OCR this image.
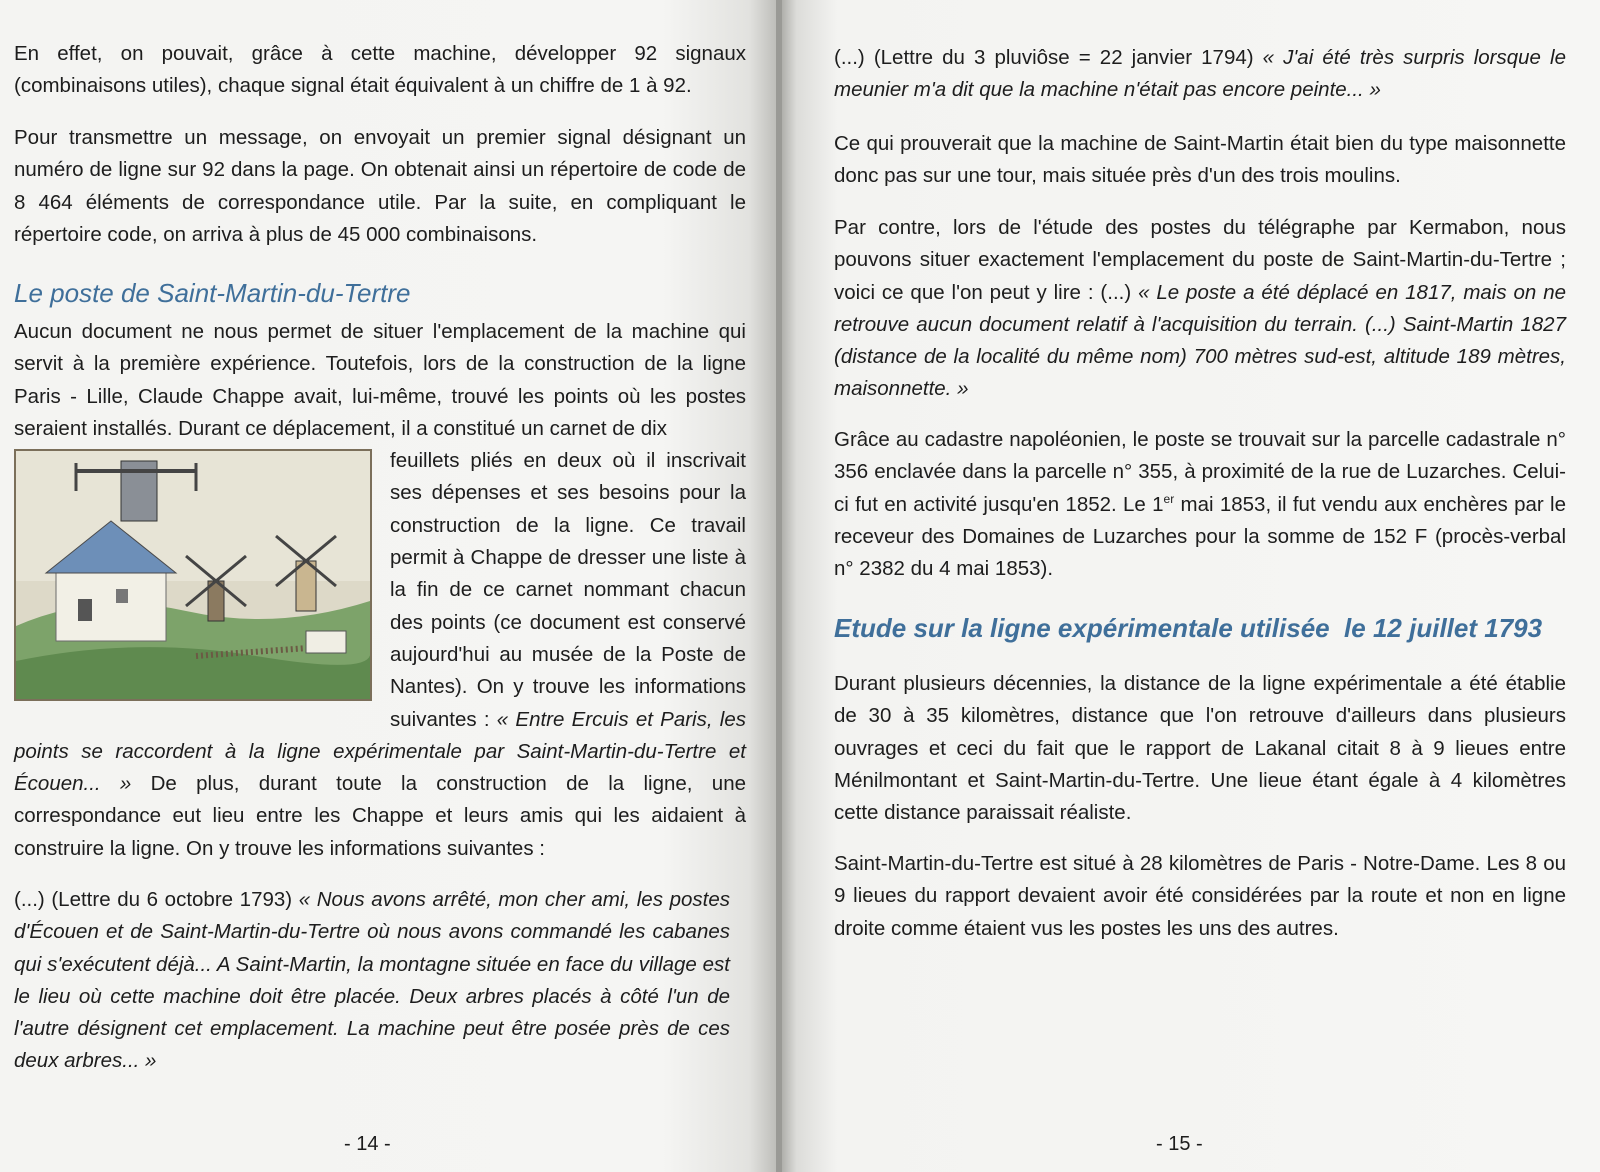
En effet, on pouvait, grâce à cette machine, développer 92 signaux (combinaisons utiles), chaque signal était équivalent à un chiffre de 1 à 92.

Pour transmettre un message, on envoyait un premier signal désignant un numéro de ligne sur 92 dans la page. On obtenait ainsi un répertoire de code de 8 464 éléments de correspondance utile. Par la suite, en compliquant le répertoire code, on arriva à plus de 45 000 combinaisons.

Le poste de Saint-Martin-du-Tertre

Aucun document ne nous permet de situer l'emplacement de la machine qui servit à la première expérience. Toutefois, lors de la construction de la ligne Paris - Lille, Claude Chappe avait, lui-même, trouvé les points où les postes seraient installés. Durant ce déplacement, il a constitué un carnet de dix

feuillets pliés en deux où il inscrivait ses dépenses et ses besoins pour la construction de la ligne. Ce travail permit à Chappe de dresser une liste à la fin de ce carnet nommant chacun des points (ce document est conservé aujourd'hui au musée de la Poste de Nantes). On y trouve les informations suivantes : « Entre Ercuis et Paris, les points se raccordent à la ligne expérimentale par Saint-Martin-du-Tertre et Écouen... » De plus, durant toute la construction de la ligne, une correspondance eut lieu entre les Chappe et leurs amis qui les aidaient à construire la ligne. On y trouve les informations suivantes :

(...) (Lettre du 6 octobre 1793) « Nous avons arrêté, mon cher ami, les postes d'Écouen et de Saint-Martin-du-Tertre où nous avons commandé les cabanes qui s'exécutent déjà... A Saint-Martin, la montagne située en face du village est le lieu où cette machine doit être placée. Deux arbres placés à côté l'un de l'autre désignent cet emplacement. La machine peut être posée près de ces deux arbres... »

- 14 -

(...) (Lettre du 3 pluviôse = 22 janvier 1794) « J'ai été très surpris lorsque le meunier m'a dit que la machine n'était pas encore peinte... »

Ce qui prouverait que la machine de Saint-Martin était bien du type maisonnette donc pas sur une tour, mais située près d'un des trois moulins.

Par contre, lors de l'étude des postes du télégraphe par Kermabon, nous pouvons situer exactement l'emplacement du poste de Saint-Martin-du-Tertre ; voici ce que l'on peut y lire : (...) « Le poste a été déplacé en 1817, mais on ne retrouve aucun document relatif à l'acquisition du terrain. (...) Saint-Martin 1827 (distance de la localité du même nom) 700 mètres sud-est, altitude 189 mètres, maisonnette. »

Grâce au cadastre napoléonien, le poste se trouvait sur la parcelle cadastrale n° 356 enclavée dans la parcelle n° 355, à proximité de la rue de Luzarches. Celui-ci fut en activité jusqu'en 1852. Le 1er mai 1853, il fut vendu aux enchères par le receveur des Domaines de Luzarches pour la somme de 152 F (procès-verbal n° 2382 du 4 mai 1853).

Etude sur la ligne expérimentale utilisée  le 12 juillet 1793

Durant plusieurs décennies, la distance de la ligne expérimentale a été établie de 30 à 35 kilomètres, distance que l'on retrouve d'ailleurs dans plusieurs ouvrages et ceci du fait que le rapport de Lakanal citait 8 à 9 lieues entre Ménilmontant et Saint-Martin-du-Tertre. Une lieue étant égale à 4 kilomètres cette distance paraissait réaliste.

Saint-Martin-du-Tertre est situé à 28 kilomètres de Paris - Notre-Dame. Les 8 ou 9 lieues du rapport devaient avoir été considérées par la route et non en ligne droite comme étaient vus les postes les uns des autres.

- 15 -
